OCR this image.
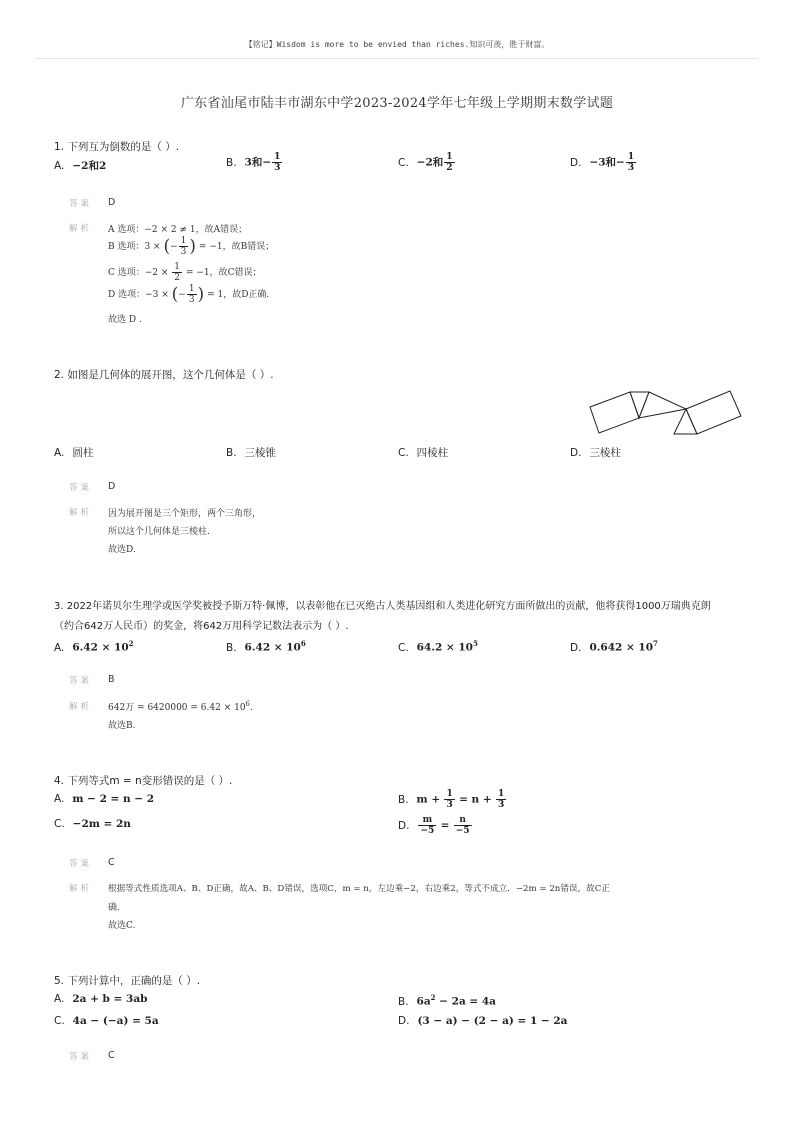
【铭记】Wisdom is more to be envied than riches.知识可羡，胜于财富。
广东省汕尾市陆丰市湖东中学2023-2024学年七年级上学期期末数学试题
1. 下列互为倒数的是（ ）.
A. −2和2	B. 3和− $\frac{1}{3}$	C. −2和 $\frac{1}{2}$	D. −3和− $\frac{1}{3}$
答案 D
解析 A 选项：−2 × 2 ≠ 1，故A错误；
B 选项：3 × (− $\frac{1}{3}$ ) = −1，故B错误；
C 选项：$-2 \times \frac{1}{2} = -1$，故C错误；
D 选项：−3 × (− $\frac{1}{3}$ ) = 1，故D正确.
故选 D .
2. 如图是几何体的展开图，这个几何体是（ ）.
A. 圆柱	B. 三棱锥	C. 四棱柱	D. 三棱柱
答案 D
解析 因为展开图是三个矩形，两个三角形，
所以这个几何体是三棱柱.
故选D.
3. 2022年诺贝尔生理学或医学奖被授予斯万特·佩博，以表彰他在已灭绝古人类基因组和人类进化研究方面所做出的贡献，他将获得1000万瑞典克朗
（约合642万人民币）的奖金，将642万用科学记数法表示为（ ）.
A. $6.42 \times 10^2$	B. $6.42 \times 10^6$	C. $64.2 \times 10^5$	D. $0.642 \times 10^7$
答案 B
解析 642万 = $6420000 = 6.42 \times 10^6$.
故选B.
4. 下列等式m = n变形错误的是（ ）.
A. m − 2 = n − 2	B. $m + \frac{1}{3} = n + \frac{1}{3}$
C. −2m = 2n	D. $\frac{m}{-5} = \frac{n}{-5}$
答案 C
解析 根据等式性质选项A、B、D正确，故A、B、D错误，选项C，m = n，左边乘−2，右边乘2，等式不成立．−2m = 2n错误，故C正
确．
故选C.
5. 下列计算中，正确的是（ ）.
A. 2a + b = 3ab	B. $6a^2 - 2a = 4a$
C. 4a − (−a) = 5a	D. (3 − a) − (2 − a) = 1 − 2a
答案 C
